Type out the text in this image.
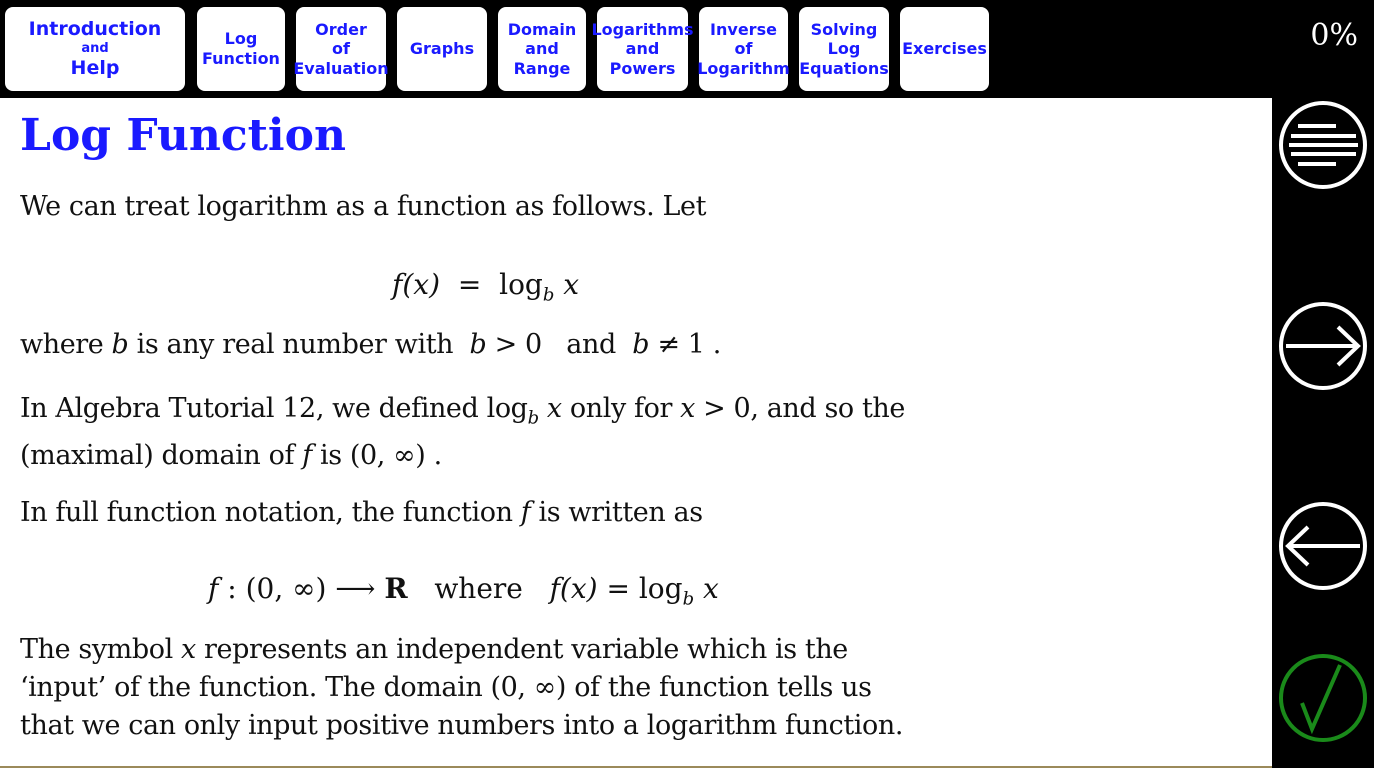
Introduction
and
Help
Log
Function
Order
of
Evaluation
Graphs
Domain
and
Range
Logarithms
and
Powers
Inverse
of
Logarithm
Solving
Log
Equations
Exercises	0%
Log Function

We can treat logarithm as a function as follows. Let

$f(x) = \log_b x$

where b is any real number with  b > 0   and  b ≠ 1 .

In Algebra Tutorial 12, we defined $\log_b x$ only for x > 0, and so the
(maximal) domain of f is (0, ∞) .

In full function notation, the function f is written as

f : (0, ∞) ⟶ R   where   $f(x) = \log_b x$

The symbol x represents an independent variable which is the
‘input’ of the function. The domain (0, ∞) of the function tells us
that we can only input positive numbers into a logarithm function.
